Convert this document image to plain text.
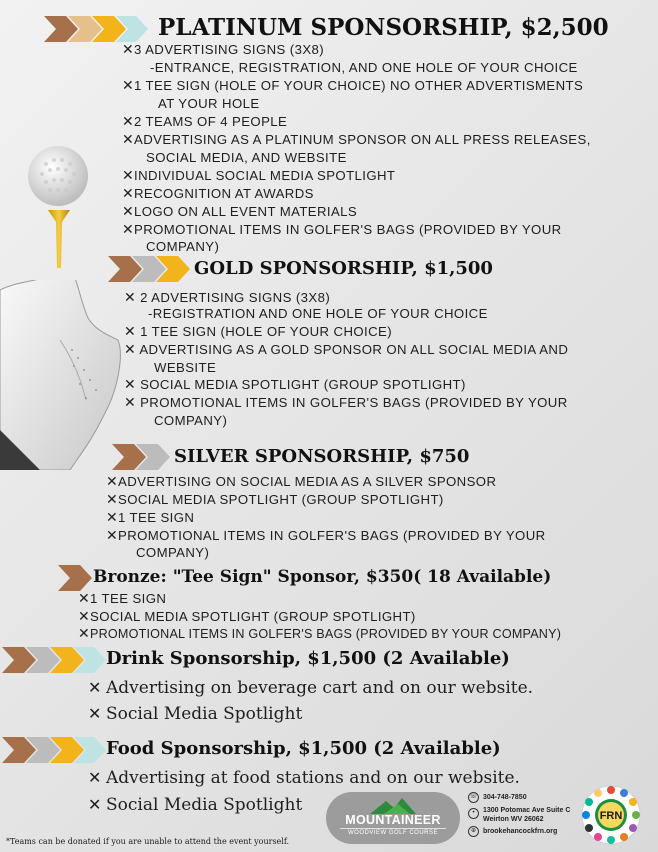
PLATINUM SPONSORSHIP, $2,500
✕3 ADVERTISING SIGNS (3X8)
-ENTRANCE, REGISTRATION, AND ONE HOLE OF YOUR CHOICE
✕1 TEE SIGN (HOLE OF YOUR CHOICE) NO OTHER ADVERTISMENTS
AT YOUR HOLE
✕2 TEAMS OF 4 PEOPLE
✕ADVERTISING AS A PLATINUM SPONSOR ON ALL PRESS RELEASES,
SOCIAL MEDIA, AND WEBSITE
✕INDIVIDUAL SOCIAL MEDIA SPOTLIGHT
✕RECOGNITION AT AWARDS
✕LOGO ON ALL EVENT MATERIALS
✕PROMOTIONAL ITEMS IN GOLFER'S BAGS (PROVIDED BY YOUR
COMPANY)
GOLD SPONSORSHIP, $1,500
✕ 2 ADVERTISING SIGNS (3X8)
-REGISTRATION AND ONE HOLE OF YOUR CHOICE
✕ 1 TEE SIGN (HOLE OF YOUR CHOICE)
✕ ADVERTISING AS A GOLD SPONSOR ON ALL SOCIAL MEDIA AND
WEBSITE
✕ SOCIAL MEDIA SPOTLIGHT (GROUP SPOTLIGHT)
✕ PROMOTIONAL ITEMS IN GOLFER'S BAGS (PROVIDED BY YOUR
COMPANY)
SILVER SPONSORSHIP, $750
✕ADVERTISING ON SOCIAL MEDIA AS A SILVER SPONSOR
✕SOCIAL MEDIA SPOTLIGHT (GROUP SPOTLIGHT)
✕1 TEE SIGN
✕PROMOTIONAL ITEMS IN GOLFER'S BAGS (PROVIDED BY YOUR
COMPANY)
Bronze: "Tee Sign" Sponsor, $350( 18 Available)
✕1 TEE SIGN
✕SOCIAL MEDIA SPOTLIGHT (GROUP SPOTLIGHT)
✕PROMOTIONAL ITEMS IN GOLFER'S BAGS (PROVIDED BY YOUR COMPANY)
Drink Sponsorship, $1,500 (2 Available)
✕ Advertising on beverage cart and on our website.
✕ Social Media Spotlight
Food Sponsorship, $1,500 (2 Available)
✕ Advertising at food stations and on our website.
✕ Social Media Spotlight
MOUNTAINEER
WOODVIEW GOLF COURSE
☏ 304-748-7850
•	1300 Potomac Ave Suite C
Weirton WV 26062
⊕ brookehancockfrn.org
FRN
*Teams can be donated if you are unable to attend the event yourself.
